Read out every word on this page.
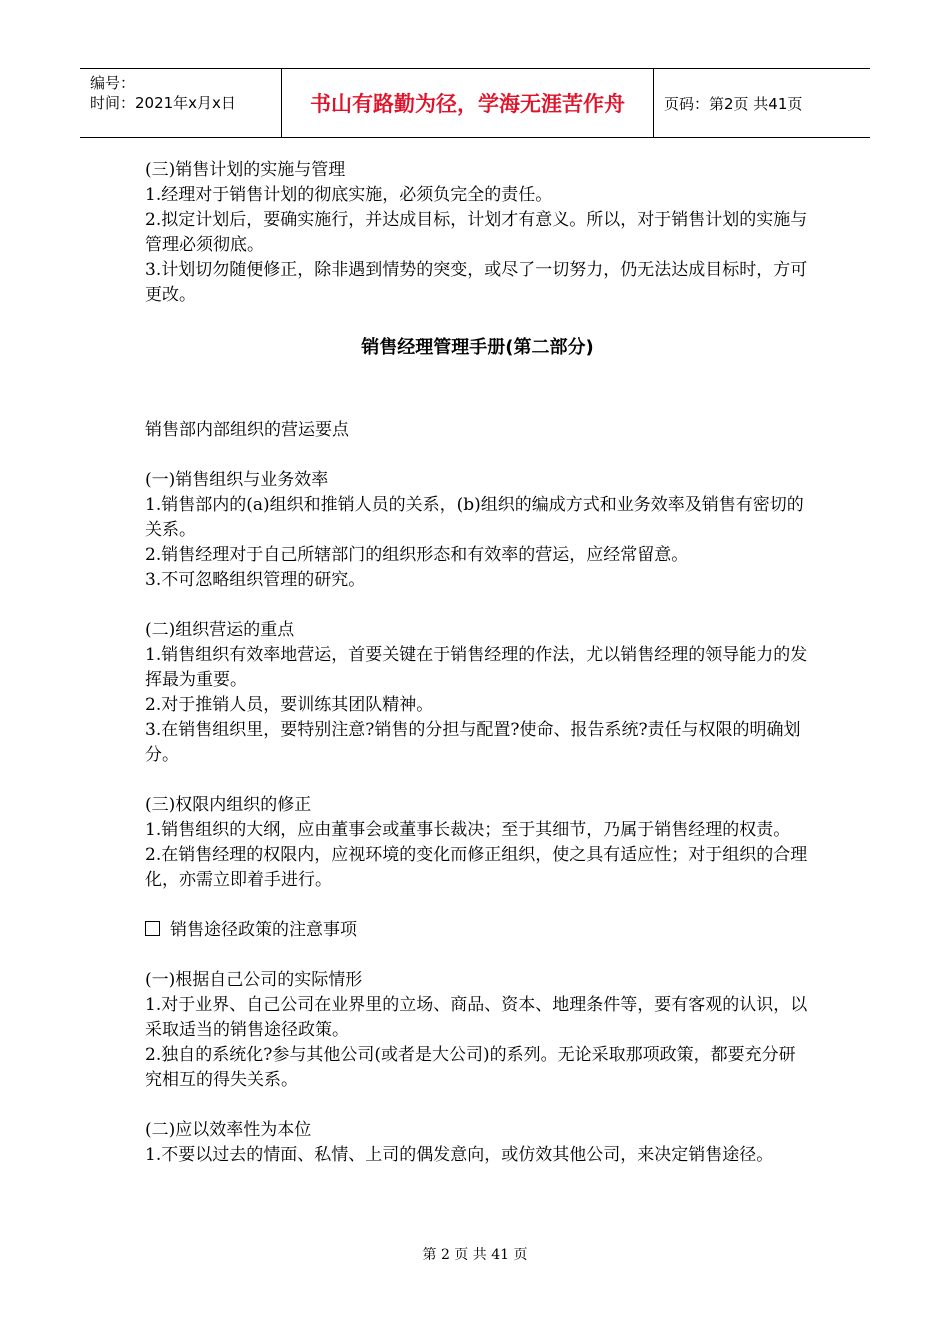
编号：
时间：2021年x月x日	书山有路勤为径，学海无涯苦作舟	页码：第2页 共41页

(三)销售计划的实施与管理

1.经理对于销售计划的彻底实施，必须负完全的责任。

2.拟定计划后，要确实施行，并达成目标，计划才有意义。所以，对于销售计划的实施与管理必须彻底。

3.计划切勿随便修正，除非遇到情势的突变，或尽了一切努力，仍无法达成目标时，方可更改。

销售经理管理手册(第二部分)

销售部内部组织的营运要点

(一)销售组织与业务效率

1.销售部内的(a)组织和推销人员的关系，(b)组织的编成方式和业务效率及销售有密切的关系。

2.销售经理对于自己所辖部门的组织形态和有效率的营运，应经常留意。

3.不可忽略组织管理的研究。

(二)组织营运的重点

1.销售组织有效率地营运，首要关键在于销售经理的作法，尤以销售经理的领导能力的发挥最为重要。

2.对于推销人员，要训练其团队精神。

3.在销售组织里，要特别注意?销售的分担与配置?使命、报告系统?责任与权限的明确划分。

(三)权限内组织的修正

1.销售组织的大纲，应由董事会或董事长裁决；至于其细节，乃属于销售经理的权责。

2.在销售经理的权限内，应视环境的变化而修正组织，使之具有适应性；对于组织的合理化，亦需立即着手进行。

销售途径政策的注意事项

(一)根据自己公司的实际情形

1.对于业界、自己公司在业界里的立场、商品、资本、地理条件等，要有客观的认识，以采取适当的销售途径政策。

2.独自的系统化?参与其他公司(或者是大公司)的系列。无论采取那项政策，都要充分研究相互的得失关系。

(二)应以效率性为本位

1.不要以过去的情面、私情、上司的偶发意向，或仿效其他公司，来决定销售途径。

第 2 页 共 41 页
